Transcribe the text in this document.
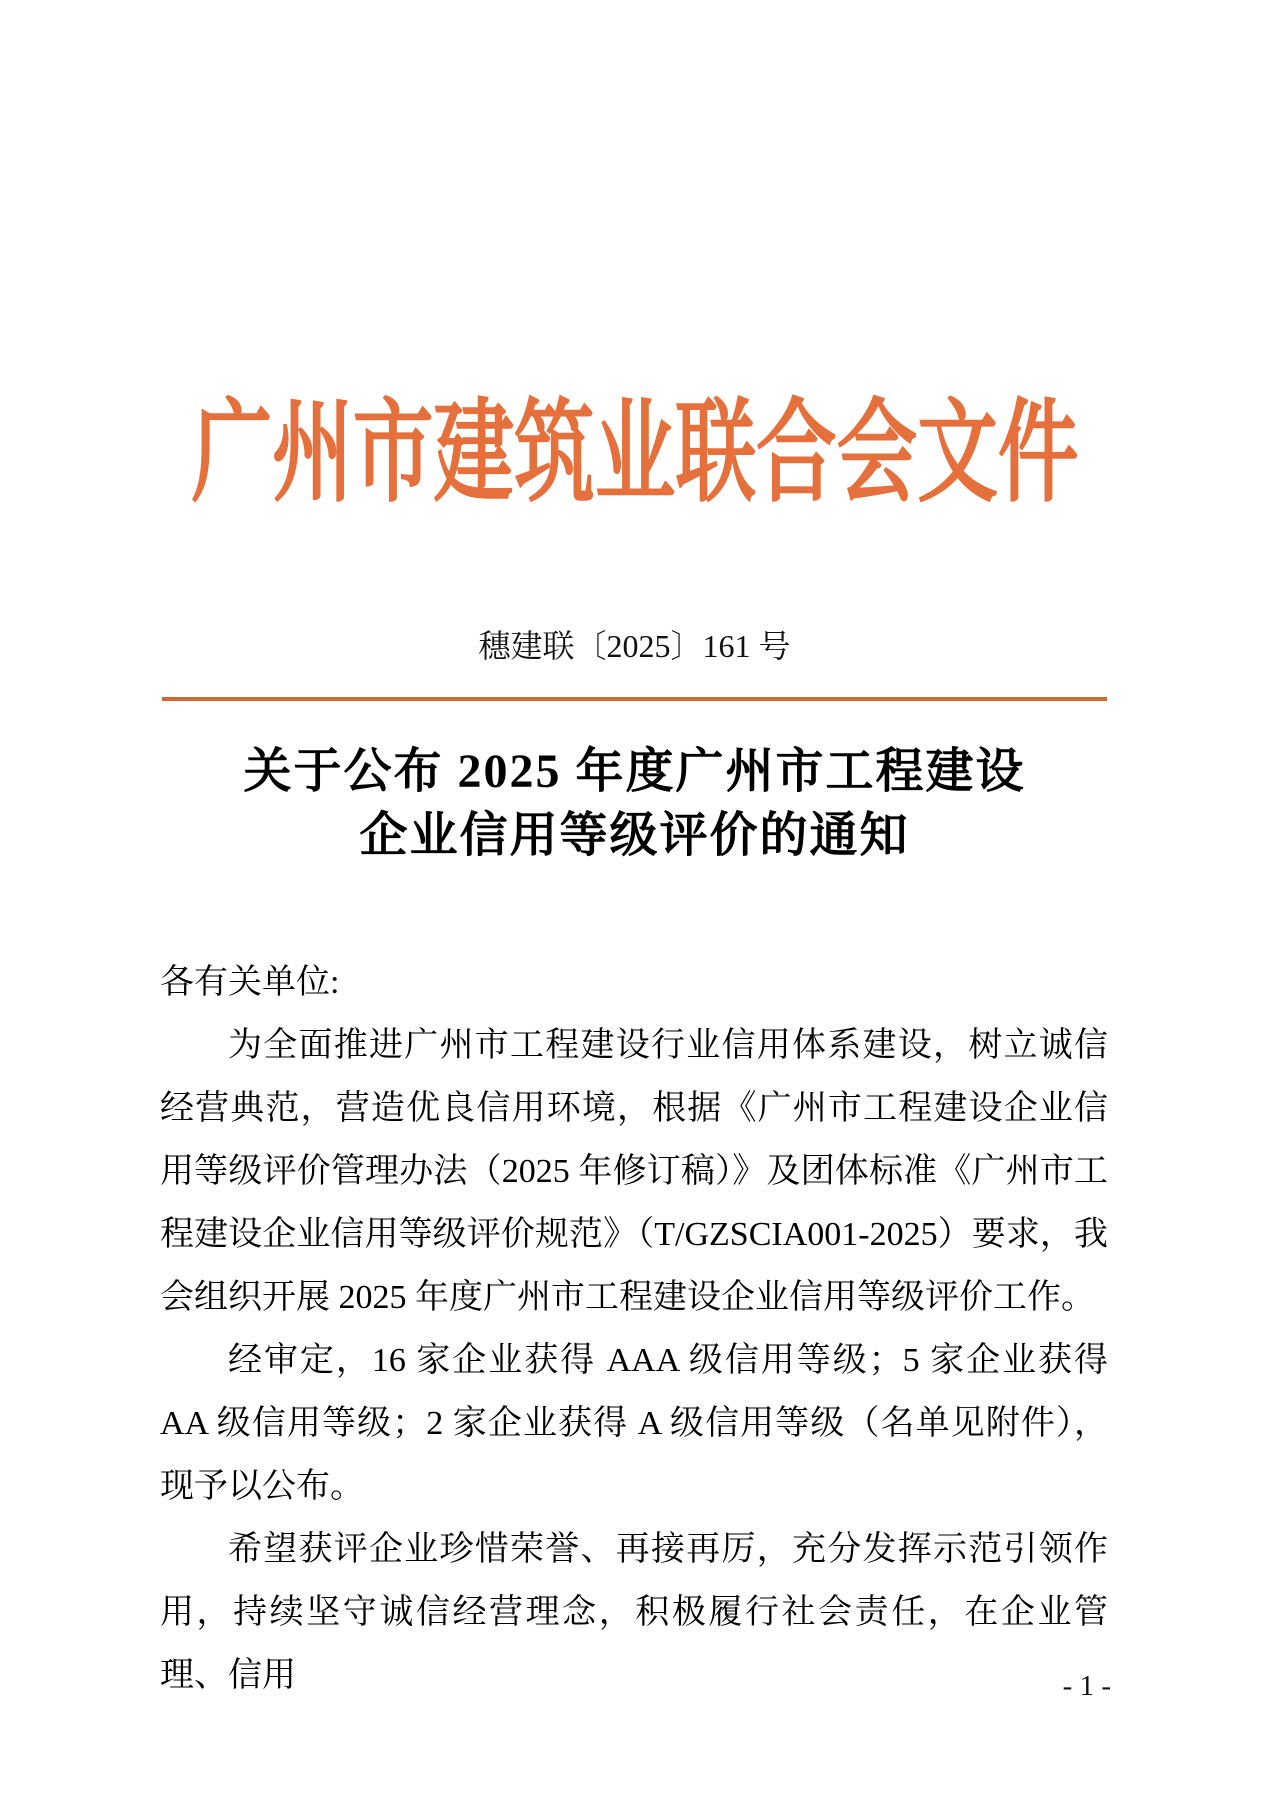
广州市建筑业联合会文件
穗建联〔2025〕161 号
关于公布 2025 年度广州市工程建设
企业信用等级评价的通知

各有关单位:

为全面推进广州市工程建设行业信用体系建设，树立诚信经营典范，营造优良信用环境，根据《广州市工程建设企业信用等级评价管理办法（2025 年修订稿）》及团体标准《广州市工程建设企业信用等级评价规范》（T/GZSCIA001-2025）要求，我会组织开展 2025 年度广州市工程建设企业信用等级评价工作。

经审定，16 家企业获得 AAA 级信用等级；5 家企业获得 AA 级信用等级；2 家企业获得 A 级信用等级（名单见附件），现予以公布。

希望获评企业珍惜荣誉、再接再厉，充分发挥示范引领作用，持续坚守诚信经营理念，积极履行社会责任，在企业管理、信用	- 1 -
